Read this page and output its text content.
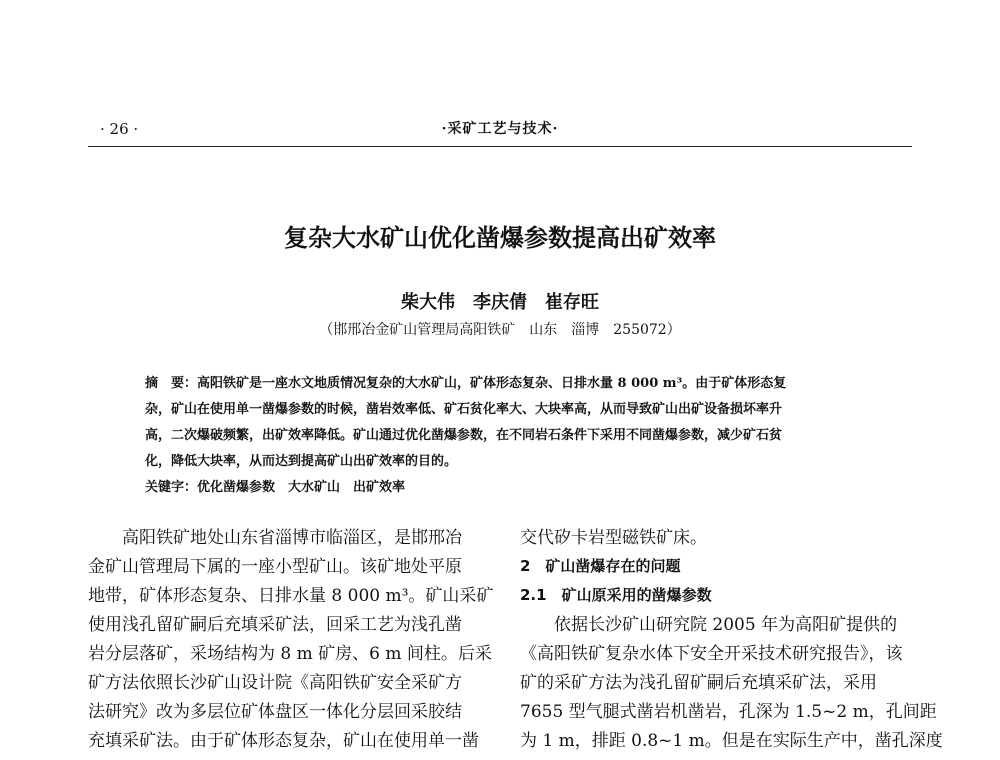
· 26 ·	·采矿工艺与技术·
复杂大水矿山优化凿爆参数提高出矿效率
柴大伟　李庆倩　崔存旺
（邯邢冶金矿山管理局高阳铁矿　山东　淄博　255072）
摘　要：高阳铁矿是一座水文地质情况复杂的大水矿山，矿体形态复杂、日排水量 8 000 m³。由于矿体形态复
杂，矿山在使用单一凿爆参数的时候，凿岩效率低、矿石贫化率大、大块率高，从而导致矿山出矿设备损坏率升
高，二次爆破频繁，出矿效率降低。矿山通过优化凿爆参数，在不同岩石条件下采用不同凿爆参数，减少矿石贫
化，降低大块率，从而达到提高矿山出矿效率的目的。
关键字：优化凿爆参数　大水矿山　出矿效率
　　高阳铁矿地处山东省淄博市临淄区，是邯邢冶
金矿山管理局下属的一座小型矿山。该矿地处平原
地带，矿体形态复杂、日排水量 8 000 m³。矿山采矿
使用浅孔留矿嗣后充填采矿法，回采工艺为浅孔凿
岩分层落矿，采场结构为 8 m 矿房、6 m 间柱。后采
矿方法依照长沙矿山设计院《高阳铁矿安全采矿方
法研究》改为多层位矿体盘区一体化分层回采胶结
充填采矿法。由于矿体形态复杂，矿山在使用单一凿
交代矽卡岩型磁铁矿床。
2　矿山凿爆存在的问题
2.1　矿山原采用的凿爆参数
　　依据长沙矿山研究院 2005 年为高阳矿提供的
《高阳铁矿复杂水体下安全开采技术研究报告》，该
矿的采矿方法为浅孔留矿嗣后充填采矿法，采用
7655 型气腿式凿岩机凿岩，孔深为 1.5~2 m，孔间距
为 1 m，排距 0.8~1 m。但是在实际生产中，凿孔深度
